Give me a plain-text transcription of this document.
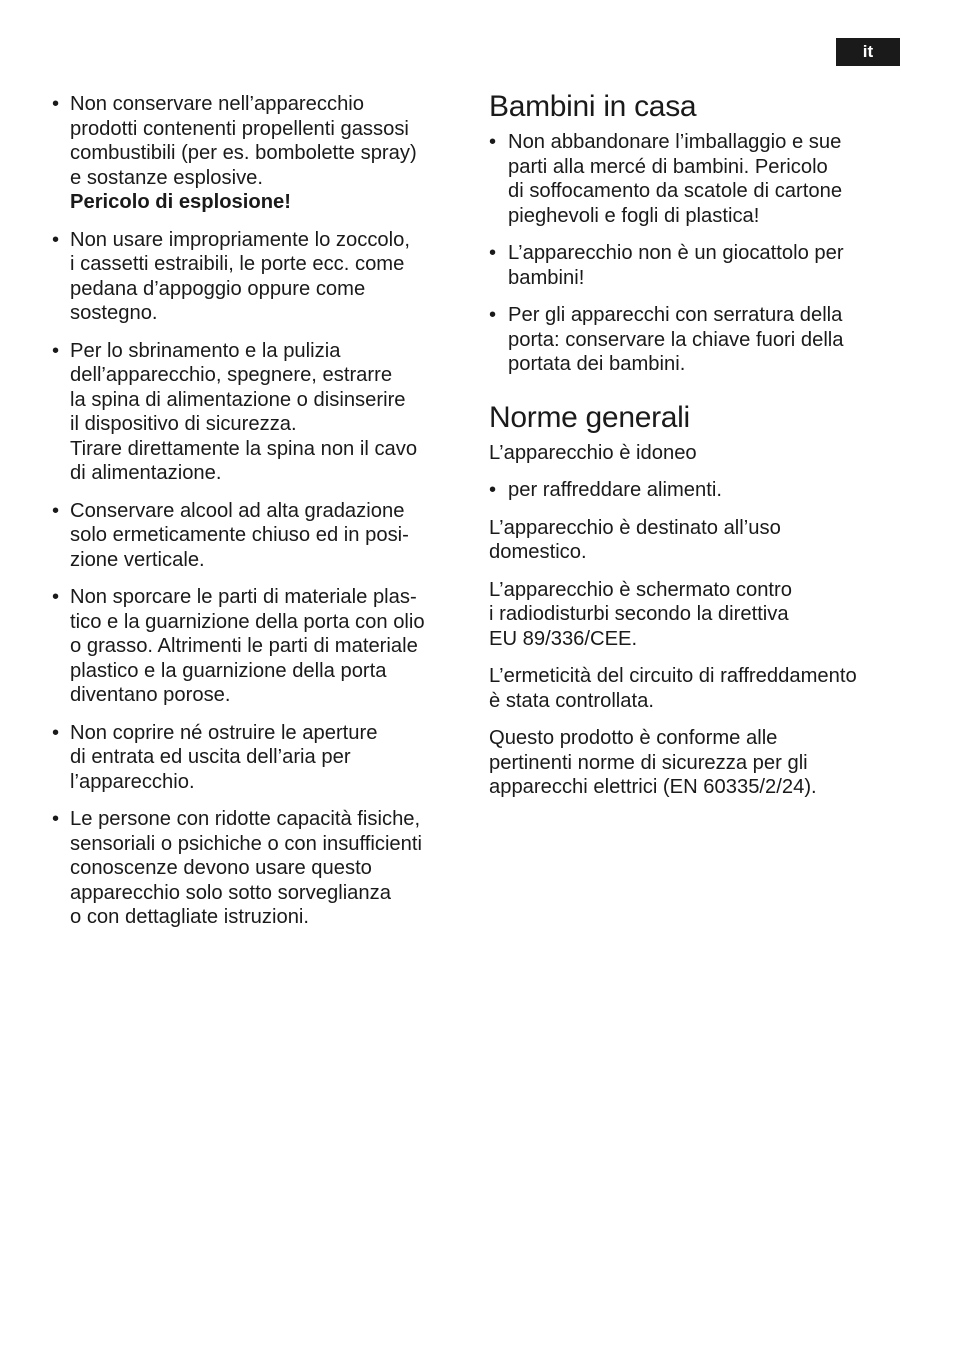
it
• Non conservare nell’apparecchio
prodotti contenenti propellenti gassosi
combustibili (per es. bombolette spray)
e sostanze esplosive.
Pericolo di esplosione!
• Non usare impropriamente lo zoccolo,
i cassetti estraibili, le porte ecc. come
pedana d’appoggio oppure come
sostegno.
• Per lo sbrinamento e la pulizia
dell’apparecchio, spegnere, estrarre
la spina di alimentazione o disinserire
il dispositivo di sicurezza.
Tirare direttamente la spina non il cavo
di alimentazione.
• Conservare alcool ad alta gradazione
solo ermeticamente chiuso ed in posi-
zione verticale.
• Non sporcare le parti di materiale plas-
tico e la guarnizione della porta con olio
o grasso. Altrimenti le parti di materiale
plastico e la guarnizione della porta
diventano porose.
• Non coprire né ostruire le aperture
di entrata ed uscita dell’aria per
l’apparecchio.
• Le persone con ridotte capacità fisiche,
sensoriali o psichiche o con insufficienti
conoscenze devono usare questo
apparecchio solo sotto sorveglianza
o con dettagliate istruzioni.
Bambini in casa
• Non abbandonare l’imballaggio e sue
parti alla mercé di bambini. Pericolo
di soffocamento da scatole di cartone
pieghevoli e fogli di plastica!
• L’apparecchio non è un giocattolo per
bambini!
• Per gli apparecchi con serratura della
porta: conservare la chiave fuori della
portata dei bambini.
Norme generali

L’apparecchio è idoneo

• per raffreddare alimenti.

L’apparecchio è destinato all’uso
domestico.

L’apparecchio è schermato contro
i radiodisturbi secondo la direttiva
EU 89/336/CEE.

L’ermeticità del circuito di raffreddamento
è stata controllata.

Questo prodotto è conforme alle
pertinenti norme di sicurezza per gli
apparecchi elettrici (EN 60335/2/24).
